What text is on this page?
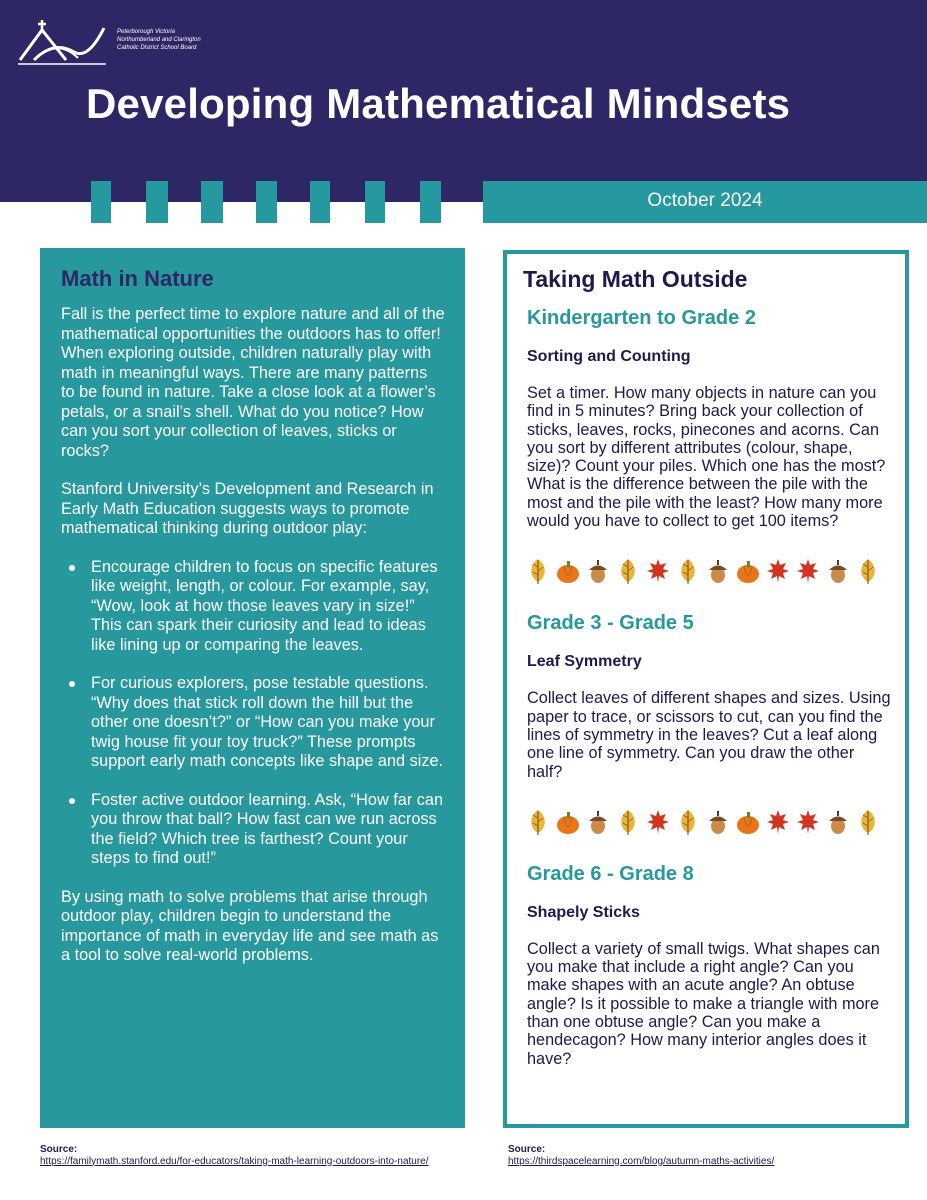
Peterborough Victoria
Northumberland and Clarington
Catholic District School Board
Developing Mathematical Mindsets
October 2024
Math in Nature

Fall is the perfect time to explore nature and all of the mathematical opportunities the outdoors has to offer! When exploring outside, children naturally play with math in meaningful ways. There are many patterns to be found in nature. Take a close look at a flower’s petals, or a snail’s shell. What do you notice? How can you sort your collection of leaves, sticks or rocks?

Stanford University’s Development and Research in Early Math Education suggests ways to promote mathematical thinking during outdoor play:

Encourage children to focus on specific features like weight, length, or colour. For example, say, “Wow, look at how those leaves vary in size!” This can spark their curiosity and lead to ideas like lining up or comparing the leaves.
For curious explorers, pose testable questions. “Why does that stick roll down the hill but the other one doesn’t?” or “How can you make your twig house fit your toy truck?” These prompts support early math concepts like shape and size.
Foster active outdoor learning. Ask, “How far can you throw that ball? How fast can we run across the field? Which tree is farthest? Count your steps to find out!”

By using math to solve problems that arise through outdoor play, children begin to understand the importance of math in everyday life and see math as a tool to solve real-world problems.

Source:
https://familymath.stanford.edu/for-educators/taking-math-learning-outdoors-into-nature/
Taking Math Outside
Kindergarten to Grade 2
Sorting and Counting

Set a timer. How many objects in nature can you find in 5 minutes? Bring back your collection of sticks, leaves, rocks, pinecones and acorns. Can you sort by different attributes (colour, shape, size)? Count your piles. Which one has the most? What is the difference between the pile with the most and the pile with the least? How many more would you have to collect to get 100 items?

Grade 3 - Grade 5
Leaf Symmetry

Collect leaves of different shapes and sizes. Using paper to trace, or scissors to cut, can you find the lines of symmetry in the leaves? Cut a leaf along one line of symmetry. Can you draw the other half?

Grade 6 - Grade 8
Shapely Sticks

Collect a variety of small twigs. What shapes can you make that include a right angle? Can you make shapes with an acute angle? An obtuse angle? Is it possible to make a triangle with more than one obtuse angle? Can you make a hendecagon? How many interior angles does it have?

Source:
https://thirdspacelearning.com/blog/autumn-maths-activities/
